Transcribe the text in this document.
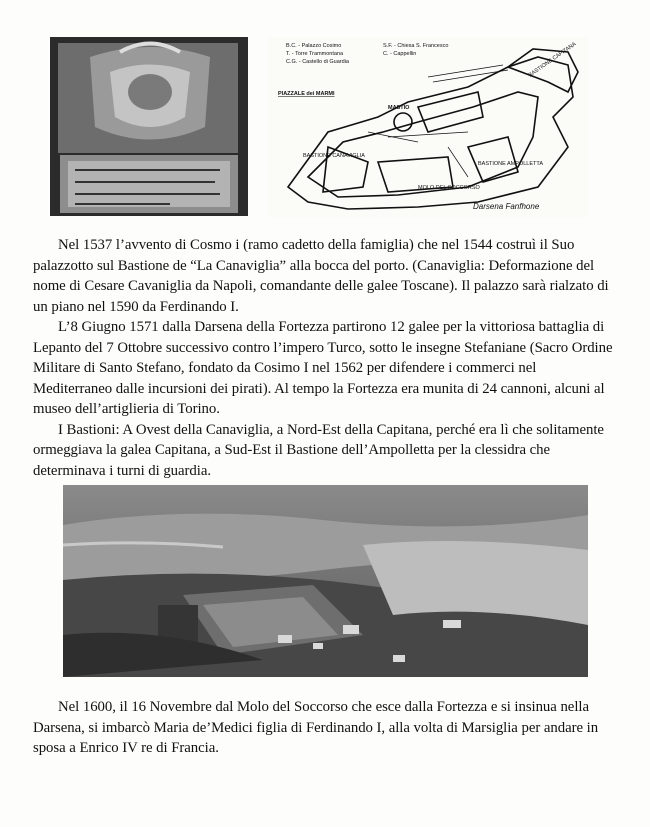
B.C. - Palazzo Cosimo	S.F. - Chiesa S. Francesco
T. - Torre Trammontana	C. - Cappellin
C.G. - Castello di Guardia
PIAZZALE dei MARMI
MASTIO
BASTIONE CAPITANA
BASTIONE CANAVIGLIA
BASTIONE AMPOLLETTA
MOLO DEL SOCCORSO
Darsena Fanfhone

Nel 1537 l’avvento di Cosmo i (ramo cadetto della famiglia) che nel 1544 costruì il Suo palazzotto sul Bastione de “La Canaviglia” alla bocca del porto. (Canaviglia: Deformazione del nome di Cesare Cavaniglia da Napoli, comandante delle galee Toscane). Il palazzo sarà rialzato di un piano nel 1590 da Ferdinando I.

L’8 Giugno 1571 dalla Darsena della Fortezza partirono 12 galee per la vittoriosa battaglia di Lepanto del 7 Ottobre successivo contro l’impero Turco, sotto le insegne Stefaniane (Sacro Ordine Militare di Santo Stefano, fondato da Cosimo I nel 1562 per difendere i commerci nel Mediterraneo dalle incursioni dei pirati). Al tempo la Fortezza era munita di 24 cannoni, alcuni al museo dell’artiglieria di Torino.

I Bastioni: A Ovest della Canaviglia, a Nord-Est della Capitana, perché era lì che solitamente ormeggiava la galea Capitana, a Sud-Est il Bastione dell’Ampolletta per la clessidra che determinava i turni di guardia.

Nel 1600, il 16 Novembre dal Molo del Soccorso che esce dalla Fortezza e si insinua nella Darsena, si imbarcò Maria de’Medici figlia di Ferdinando I, alla volta di Marsiglia per andare in sposa a Enrico IV re di Francia.
